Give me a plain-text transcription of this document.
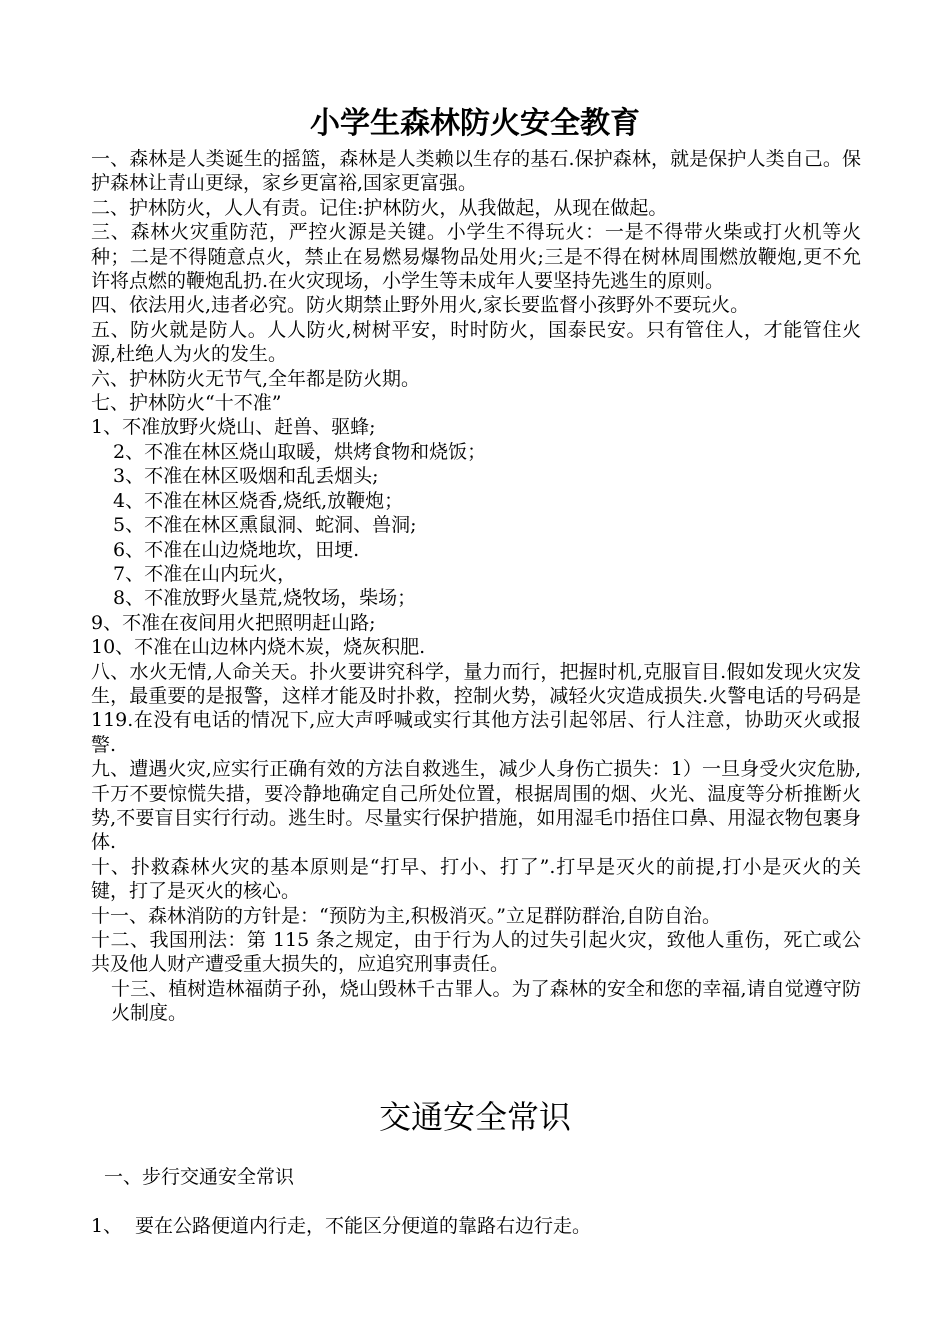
小学生森林防火安全教育

一、森林是人类诞生的摇篮，森林是人类赖以生存的基石.保护森林，就是保护人类自己。保护森林让青山更绿，家乡更富裕,国家更富强。

二、护林防火，人人有责。记住:护林防火，从我做起，从现在做起。

三、森林火灾重防范，严控火源是关键。小学生不得玩火：一是不得带火柴或打火机等火种；二是不得随意点火，禁止在易燃易爆物品处用火;三是不得在树林周围燃放鞭炮,更不允许将点燃的鞭炮乱扔.在火灾现场，小学生等未成年人要坚持先逃生的原则。

四、依法用火,违者必究。防火期禁止野外用火,家长要监督小孩野外不要玩火。

五、防火就是防人。人人防火,树树平安，时时防火，国泰民安。只有管住人，才能管住火源,杜绝人为火的发生。

六、护林防火无节气,全年都是防火期。

七、护林防火“十不准”

1、不准放野火烧山、赶兽、驱蜂;

2、不准在林区烧山取暖，烘烤食物和烧饭；

3、不准在林区吸烟和乱丢烟头;

4、不准在林区烧香,烧纸,放鞭炮；

5、不准在林区熏鼠洞、蛇洞、兽洞;

6、不准在山边烧地坎，田埂.

7、不准在山内玩火，

8、不准放野火垦荒,烧牧场，柴场；

9、不准在夜间用火把照明赶山路;

10、不准在山边林内烧木炭，烧灰积肥.

八、水火无情,人命关天。扑火要讲究科学，量力而行，把握时机,克服盲目.假如发现火灾发生，最重要的是报警，这样才能及时扑救，控制火势，减轻火灾造成损失.火警电话的号码是　119.在没有电话的情况下,应大声呼喊或实行其他方法引起邻居、行人注意，协助灭火或报警.

九、遭遇火灾,应实行正确有效的方法自救逃生，减少人身伤亡损失：1）一旦身受火灾危胁,千万不要惊慌失措，要冷静地确定自己所处位置，根据周围的烟、火光、温度等分析推断火势,不要盲目实行行动。逃生时。尽量实行保护措施，如用湿毛巾捂住口鼻、用湿衣物包裹身体.

十、扑救森林火灾的基本原则是“打早、打小、打了”.打早是灭火的前提,打小是灭火的关键，打了是灭火的核心。

十一、森林消防的方针是：“预防为主,积极消灭。”立足群防群治,自防自治。

十二、我国刑法：第 115 条之规定，由于行为人的过失引起火灾，致他人重伤，死亡或公共及他人财产遭受重大损失的，应追究刑事责任。

十三、植树造林福荫子孙，烧山毁林千古罪人。为了森林的安全和您的幸福,请自觉遵守防火制度。

交通安全常识

一、步行交通安全常识

1、 要在公路便道内行走，不能区分便道的靠路右边行走。
